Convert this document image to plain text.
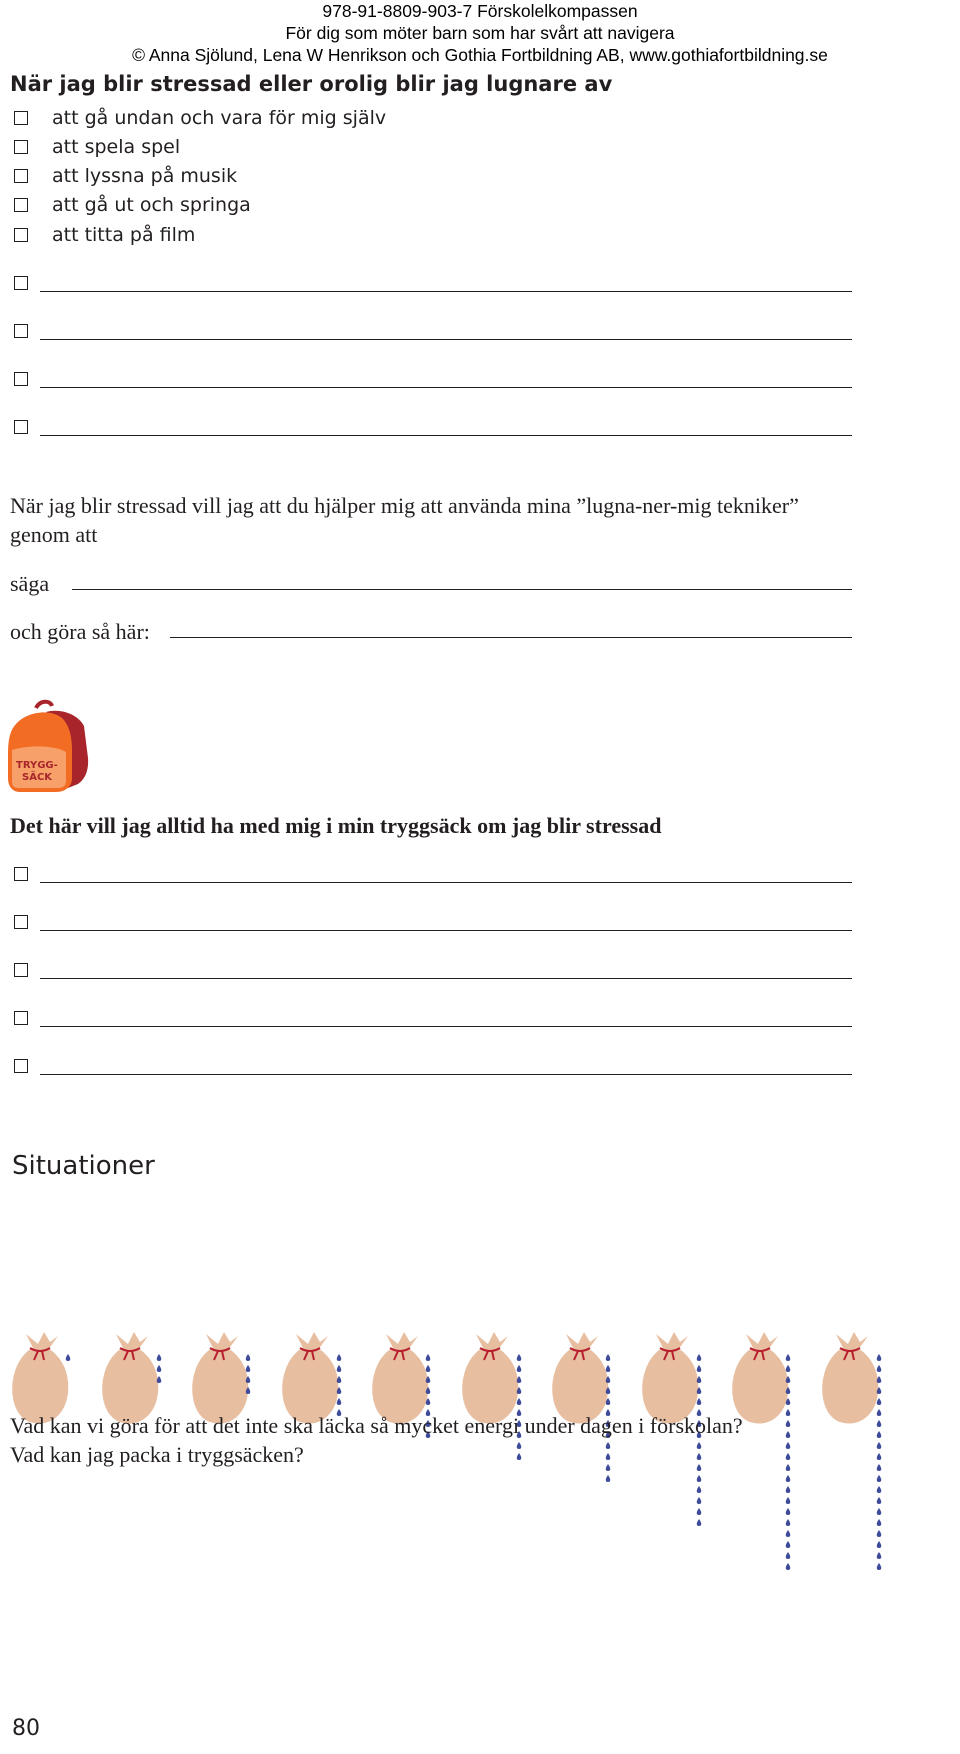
978-91-8809-903-7 Förskolelkompassen
För dig som möter barn som har svårt att navigera
© Anna Sjölund, Lena W Henrikson och Gothia Fortbildning AB, www.gothiafortbildning.se
När jag blir stressad eller orolig blir jag lugnare av
att gå undan och vara för mig själv
att spela spel
att lyssna på musik
att gå ut och springa
att titta på film
När jag blir stressad vill jag att du hjälper mig att använda mina ”lugna-ner-mig tekniker”
genom att
säga
och göra så här:
TRYGG-
SÄCK
Det här vill jag alltid ha med mig i min tryggsäck om jag blir stressad
Situationer
Vad kan vi göra för att det inte ska läcka så mycket energi under dagen i förskolan?
Vad kan jag packa i tryggsäcken?
80
